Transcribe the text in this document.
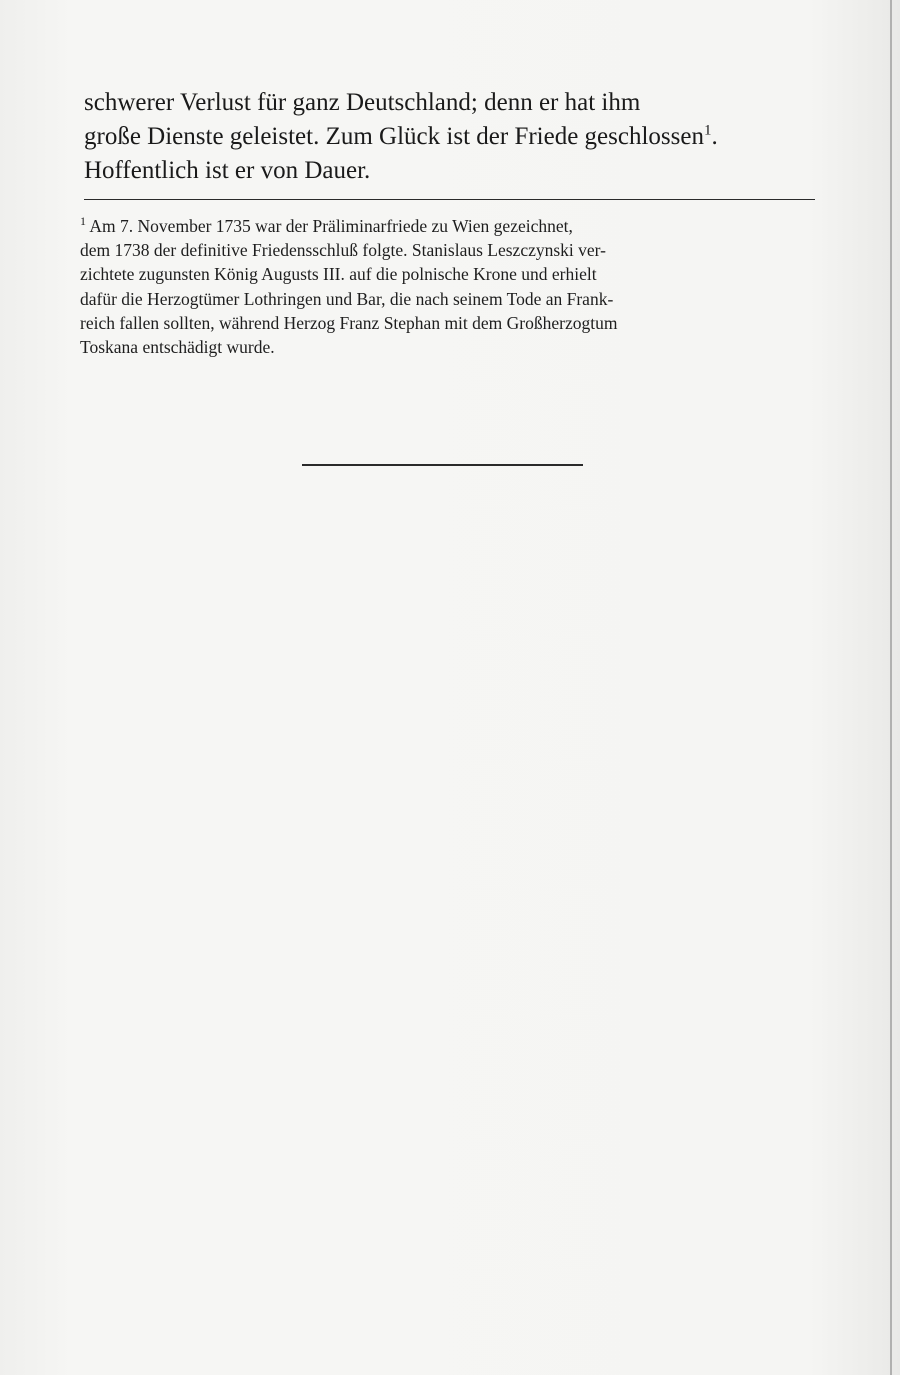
schwerer Verlust für ganz Deutschland; denn er hat ihm
große Dienste geleistet. Zum Glück ist der Friede geschlossen$^1$.
Hoffentlich ist er von Dauer.

$^1$ Am 7. November 1735 war der Präliminarfriede zu Wien gezeichnet,
dem 1738 der definitive Friedensschluß folgte. Stanislaus Leszczynski ver-
zichtete zugunsten König Augusts III. auf die polnische Krone und erhielt
dafür die Herzogtümer Lothringen und Bar, die nach seinem Tode an Frank-
reich fallen sollten, während Herzog Franz Stephan mit dem Großherzogtum
Toskana entschädigt wurde.
